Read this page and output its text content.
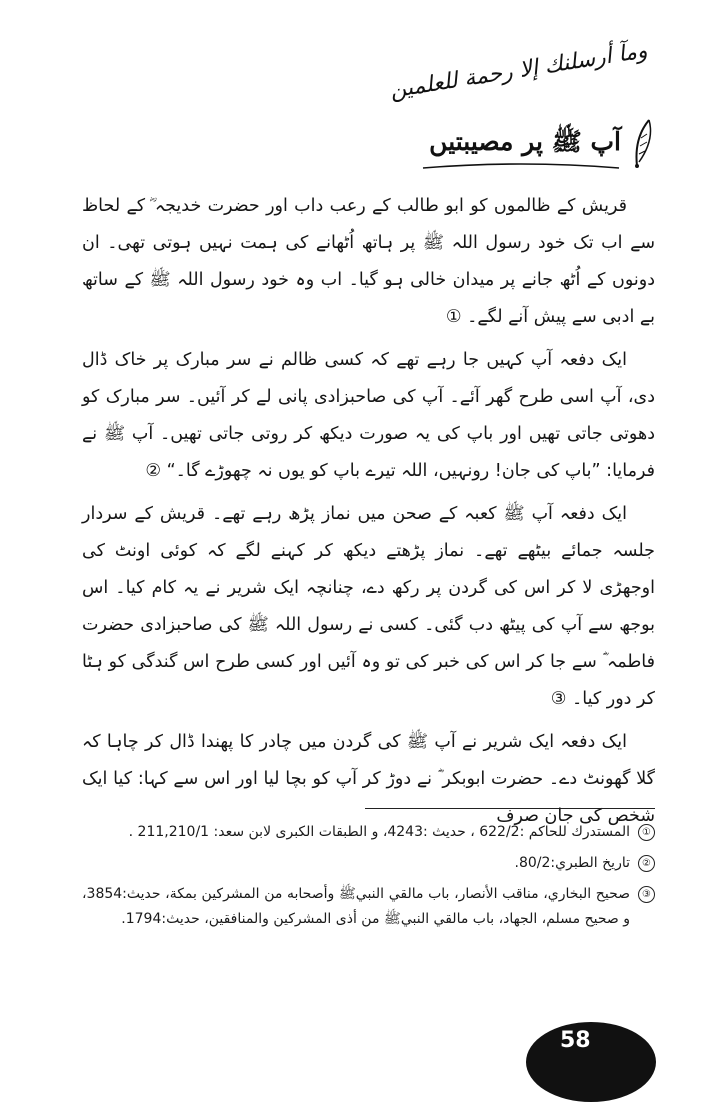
ومآ أرسلنك إلا رحمة للعلمين
آپ ﷺ پر مصیبتیں

قریش کے ظالموں کو ابو طالب کے رعب داب اور حضرت خدیجہ ؓ کے لحاظ سے اب تک خود رسول اللہ ﷺ پر ہاتھ اُٹھانے کی ہمت نہیں ہوتی تھی۔ ان دونوں کے اُٹھ جانے پر میدان خالی ہو گیا۔ اب وہ خود رسول اللہ ﷺ کے ساتھ بے ادبی سے پیش آنے لگے۔ ①

ایک دفعہ آپ کہیں جا رہے تھے کہ کسی ظالم نے سر مبارک پر خاک ڈال دی، آپ اسی طرح گھر آئے۔ آپ کی صاحبزادی پانی لے کر آئیں۔ سر مبارک کو دھوتی جاتی تھیں اور باپ کی یہ صورت دیکھ کر روتی جاتی تھیں۔ آپ ﷺ نے فرمایا: ”باپ کی جان! رونہیں، اللہ تیرے باپ کو یوں نہ چھوڑے گا۔“ ②

ایک دفعہ آپ ﷺ کعبہ کے صحن میں نماز پڑھ رہے تھے۔ قریش کے سردار جلسہ جمائے بیٹھے تھے۔ نماز پڑھتے دیکھ کر کہنے لگے کہ کوئی اونٹ کی اوجھڑی لا کر اس کی گردن پر رکھ دے، چنانچہ ایک شریر نے یہ کام کیا۔ اس بوجھ سے آپ کی پیٹھ دب گئی۔ کسی نے رسول اللہ ﷺ کی صاحبزادی حضرت فاطمہ ؓ سے جا کر اس کی خبر کی تو وہ آئیں اور کسی طرح اس گندگی کو ہٹا کر دور کیا۔ ③

ایک دفعہ ایک شریر نے آپ ﷺ کی گردن میں چادر کا پھندا ڈال کر چاہا کہ گلا گھونٹ دے۔ حضرت ابوبکر ؓ نے دوڑ کر آپ کو بچا لیا اور اس سے کہا: کیا ایک شخص کی جان صرف

①
المستدرك للحاكم :622/2 ، حديث :4243، و الطبقات الكبرى لابن سعد: 211,210/1 .
②
تاريخ الطبري:80/2.
③
صحيح البخاري، مناقب الأنصار، باب مالقي النبيﷺ وأصحابه من المشركين بمكة، حديث:3854، و صحيح مسلم، الجهاد، باب مالقي النبيﷺ من أذى المشركين والمنافقين، حديث:1794.
58
